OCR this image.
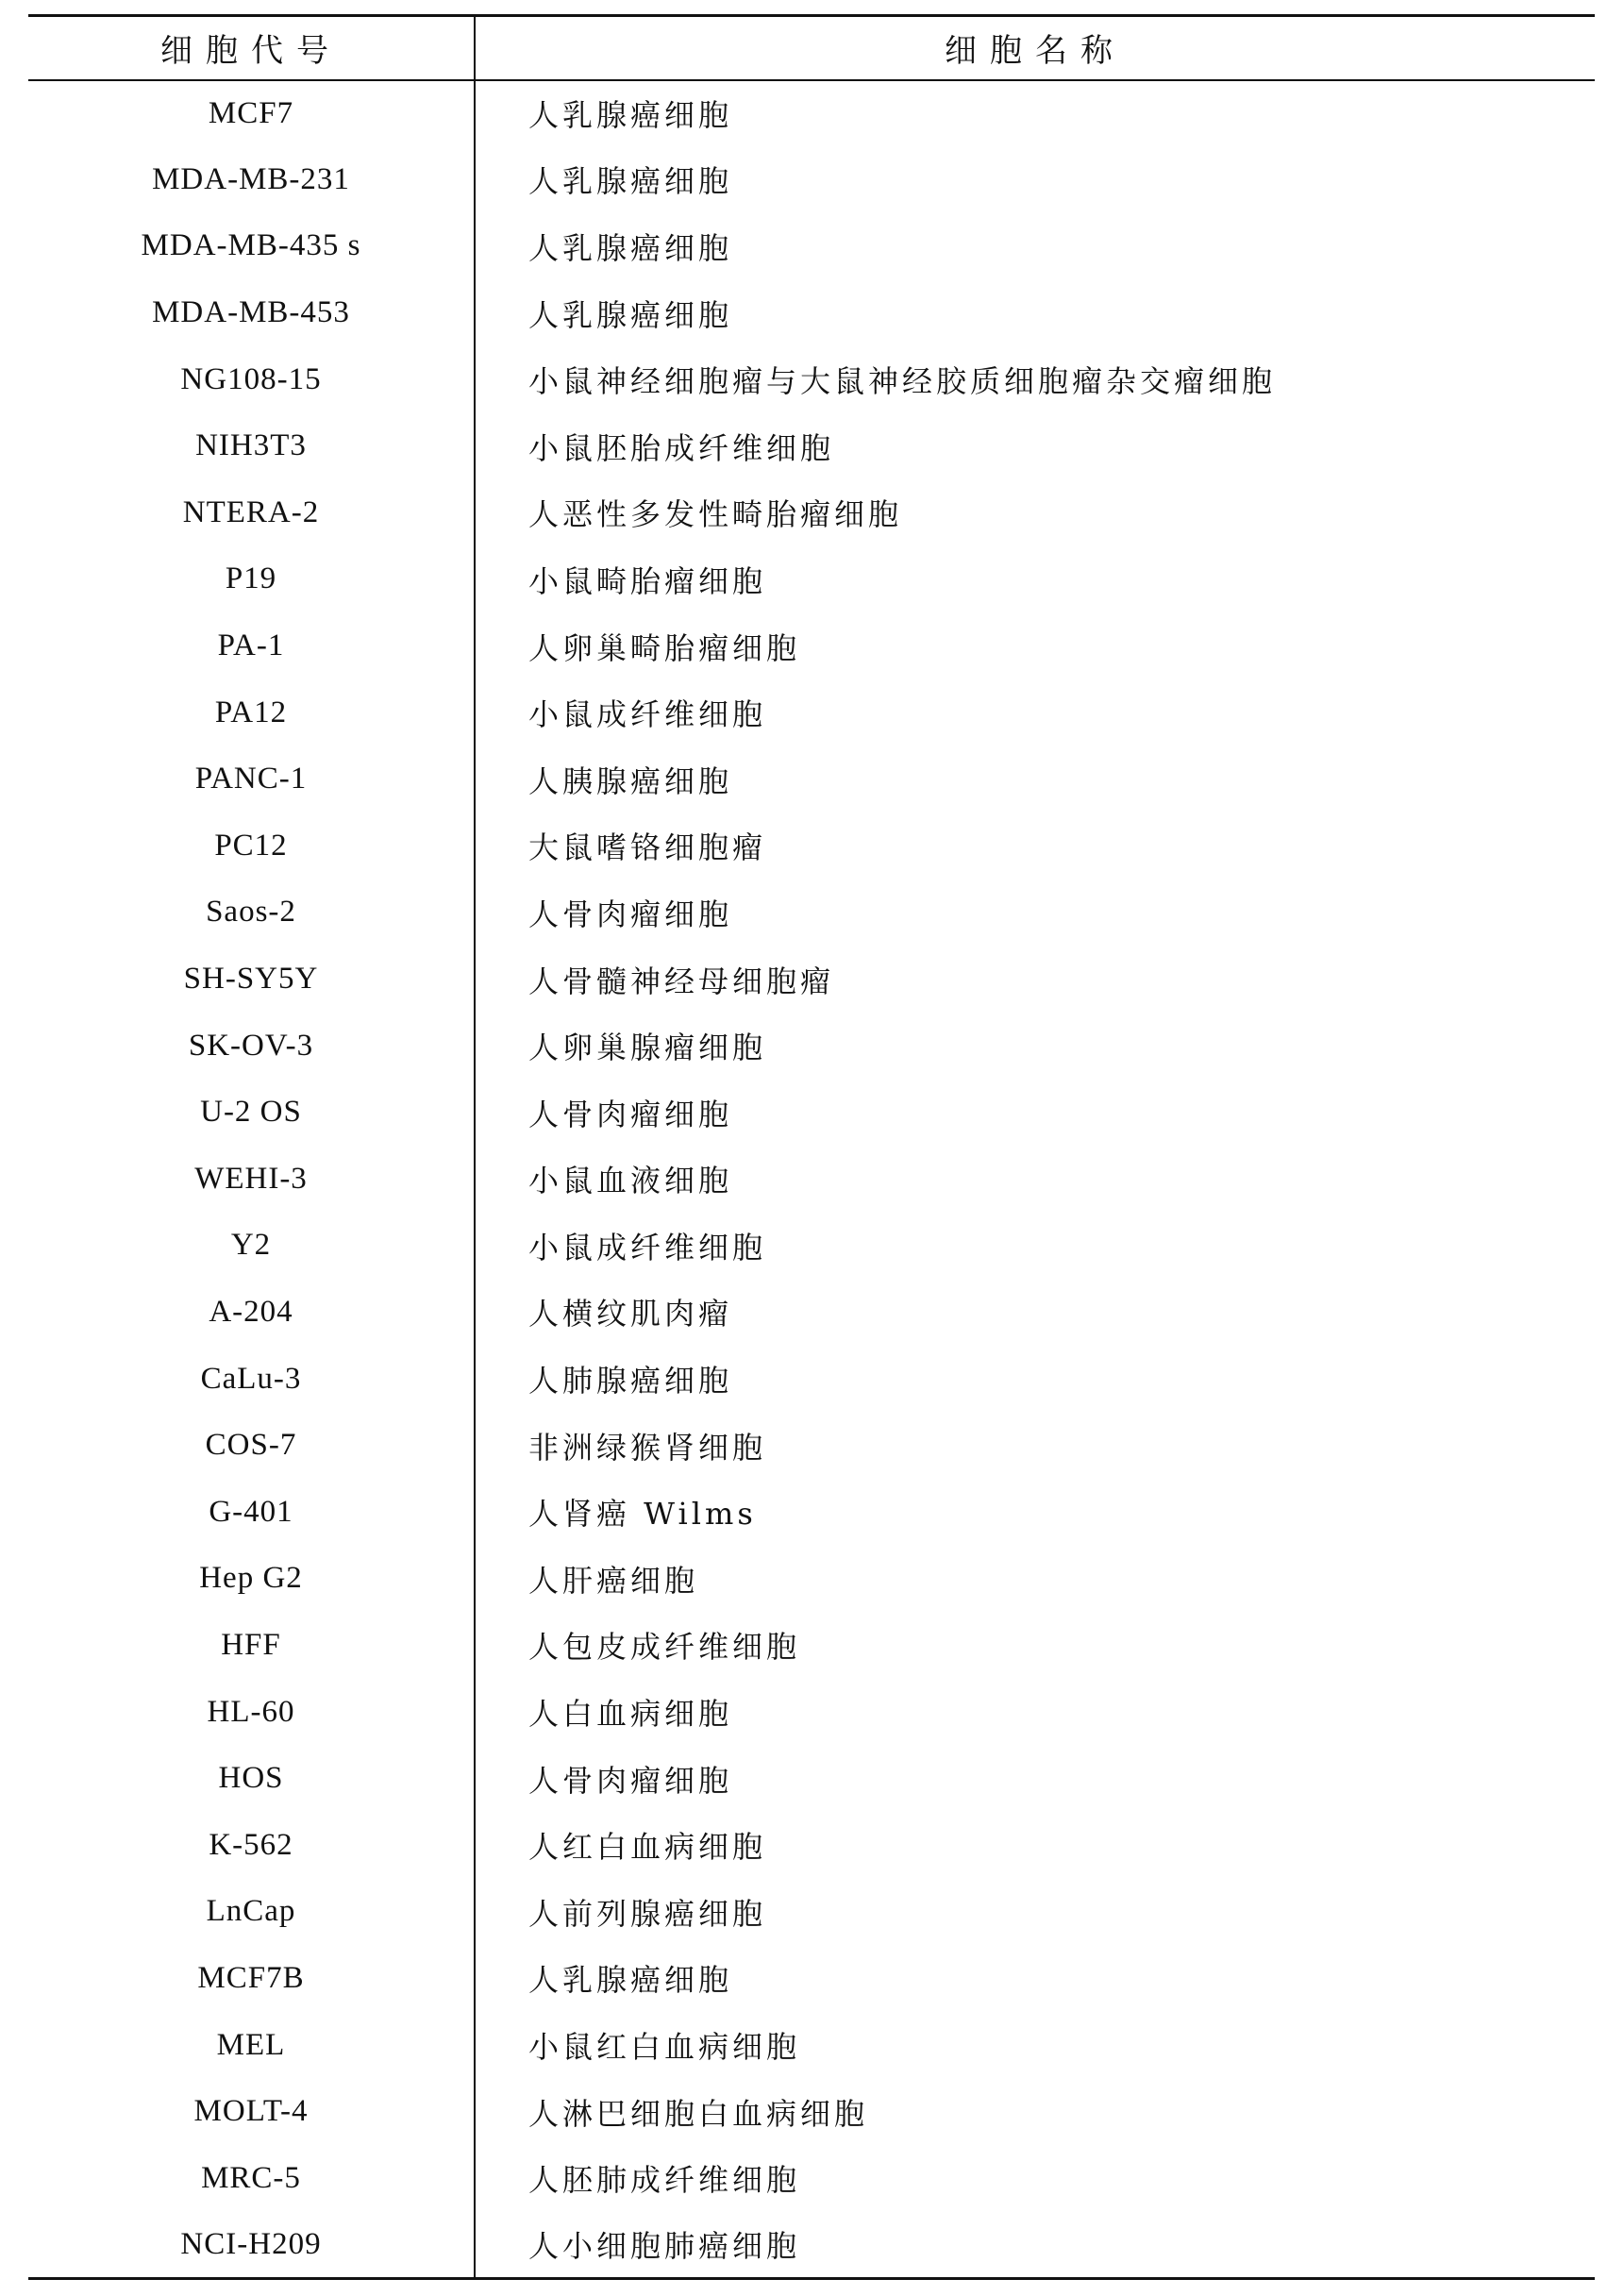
细胞代号	细胞名称
MCF7	人乳腺癌细胞
MDA-MB-231	人乳腺癌细胞
MDA-MB-435 s	人乳腺癌细胞
MDA-MB-453	人乳腺癌细胞
NG108-15	小鼠神经细胞瘤与大鼠神经胶质细胞瘤杂交瘤细胞
NIH3T3	小鼠胚胎成纤维细胞
NTERA-2	人恶性多发性畸胎瘤细胞
P19	小鼠畸胎瘤细胞
PA-1	人卵巢畸胎瘤细胞
PA12	小鼠成纤维细胞
PANC-1	人胰腺癌细胞
PC12	大鼠嗜铬细胞瘤
Saos-2	人骨肉瘤细胞
SH-SY5Y	人骨髓神经母细胞瘤
SK-OV-3	人卵巢腺瘤细胞
U-2 OS	人骨肉瘤细胞
WEHI-3	小鼠血液细胞
Y2	小鼠成纤维细胞
A-204	人横纹肌肉瘤
CaLu-3	人肺腺癌细胞
COS-7	非洲绿猴肾细胞
G-401	人肾癌 Wilms
Hep G2	人肝癌细胞
HFF	人包皮成纤维细胞
HL-60	人白血病细胞
HOS	人骨肉瘤细胞
K-562	人红白血病细胞
LnCap	人前列腺癌细胞
MCF7B	人乳腺癌细胞
MEL	小鼠红白血病细胞
MOLT-4	人淋巴细胞白血病细胞
MRC-5	人胚肺成纤维细胞
NCI-H209	人小细胞肺癌细胞
